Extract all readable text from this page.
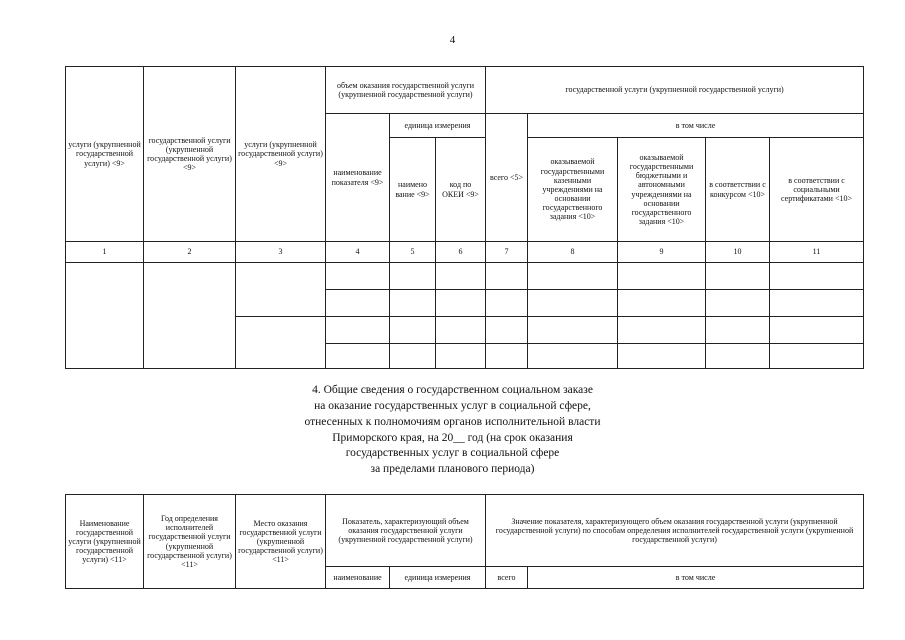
4
услуги (укрупненной государственной услуги) <9>	государственной услуги (укрупненной государственной услуги) <9>	услуги (укрупненной государственной услуги) <9>	объем оказания государственной услуги (укрупненной государственной услуги)			государственной услуги (укрупненной государственной услуги)				
			наименование показателя <9>	единица измерения		всего <5>	в том числе			
				наимено вание <9>	код по ОКЕИ <9>		оказываемой государственными казенными учреждениями на основании государственного задания <10>	оказываемой государственными бюджетными и автономными учреждениями на основании государственного задания <10>	в соответствии с конкурсом <10>	в соответствии с социальными сертификатами <10>
1	2	3	4	5	6	7	8	9	10	11

4. Общие сведения о государственном социальном заказе
на оказание государственных услуг в социальной сфере,
отнесенных к полномочиям органов исполнительной власти
Приморского края, на 20__ год (на срок оказания
государственных услуг в социальной сфере
за пределами планового периода)
Наименование государственной услуги (укрупненной государственной услуги) <11>	Год определения исполнителей государственной услуги (укрупненной государственной услуги) <11>	Место оказания государственной услуги (укрупненной государственной услуги) <11>	Показатель, характеризующий объем оказания государственной услуги (укрупненной государственной услуги)		Значение показателя, характеризующего объем оказания государственной услуги (укрупненной государственной услуги) по способам определения исполнителей государственной услуги (укрупненной государственной услуги)	
			наименование	единица измерения	всего	в том числе
